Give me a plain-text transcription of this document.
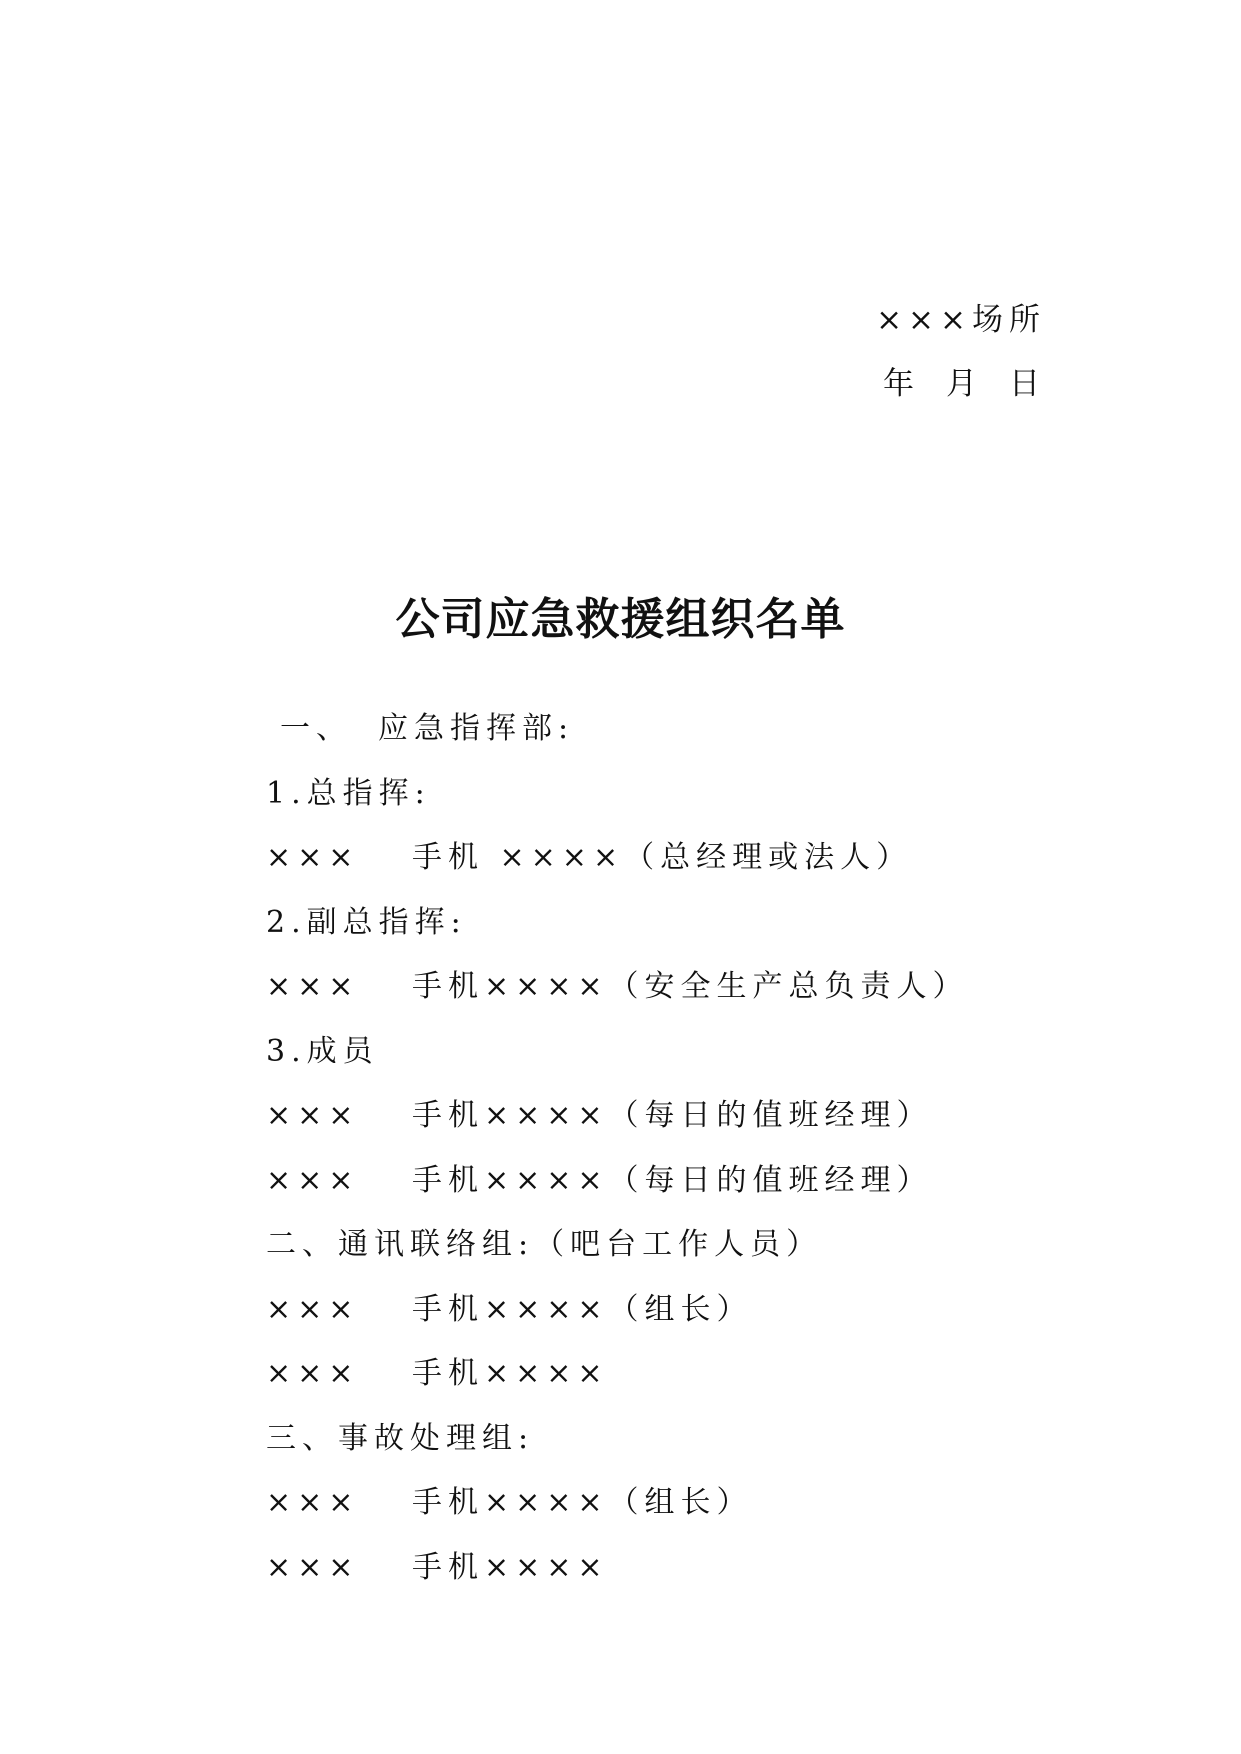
×××场所
年 月 日
公司应急救援组织名单
一、 应急指挥部:
1.总指挥:
××× 手机 ××××（总经理或法人）
2.副总指挥:
××× 手机××××（安全生产总负责人）
3.成员
××× 手机××××（每日的值班经理）
××× 手机××××（每日的值班经理）
二、通讯联络组:（吧台工作人员）
××× 手机××××（组长）
××× 手机××××
三、事故处理组:
××× 手机××××（组长）
××× 手机××××
